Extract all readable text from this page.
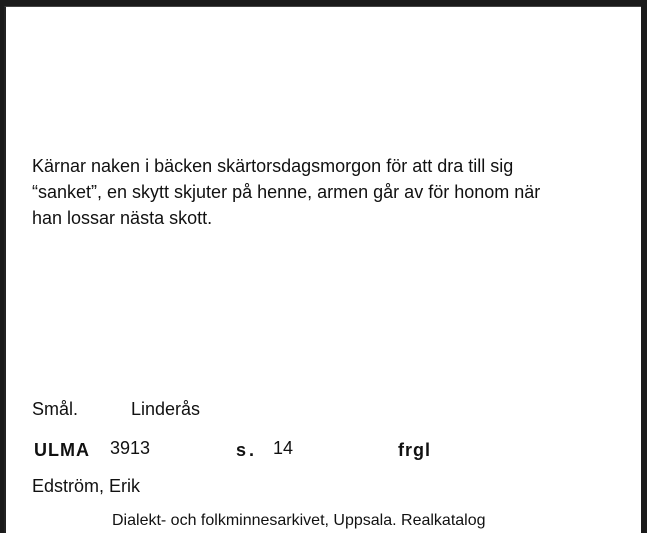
Kärnar naken i bäcken skärtorsdagsmorgon för att dra till sig
“sanket”, en skytt skjuter på henne, armen går av för honom när
han lossar nästa skott.
Smål.	Linderås
ULMA 3913	s. 14	frgl
Edström, Erik
Dialekt- och folkminnesarkivet, Uppsala. Realkatalog
